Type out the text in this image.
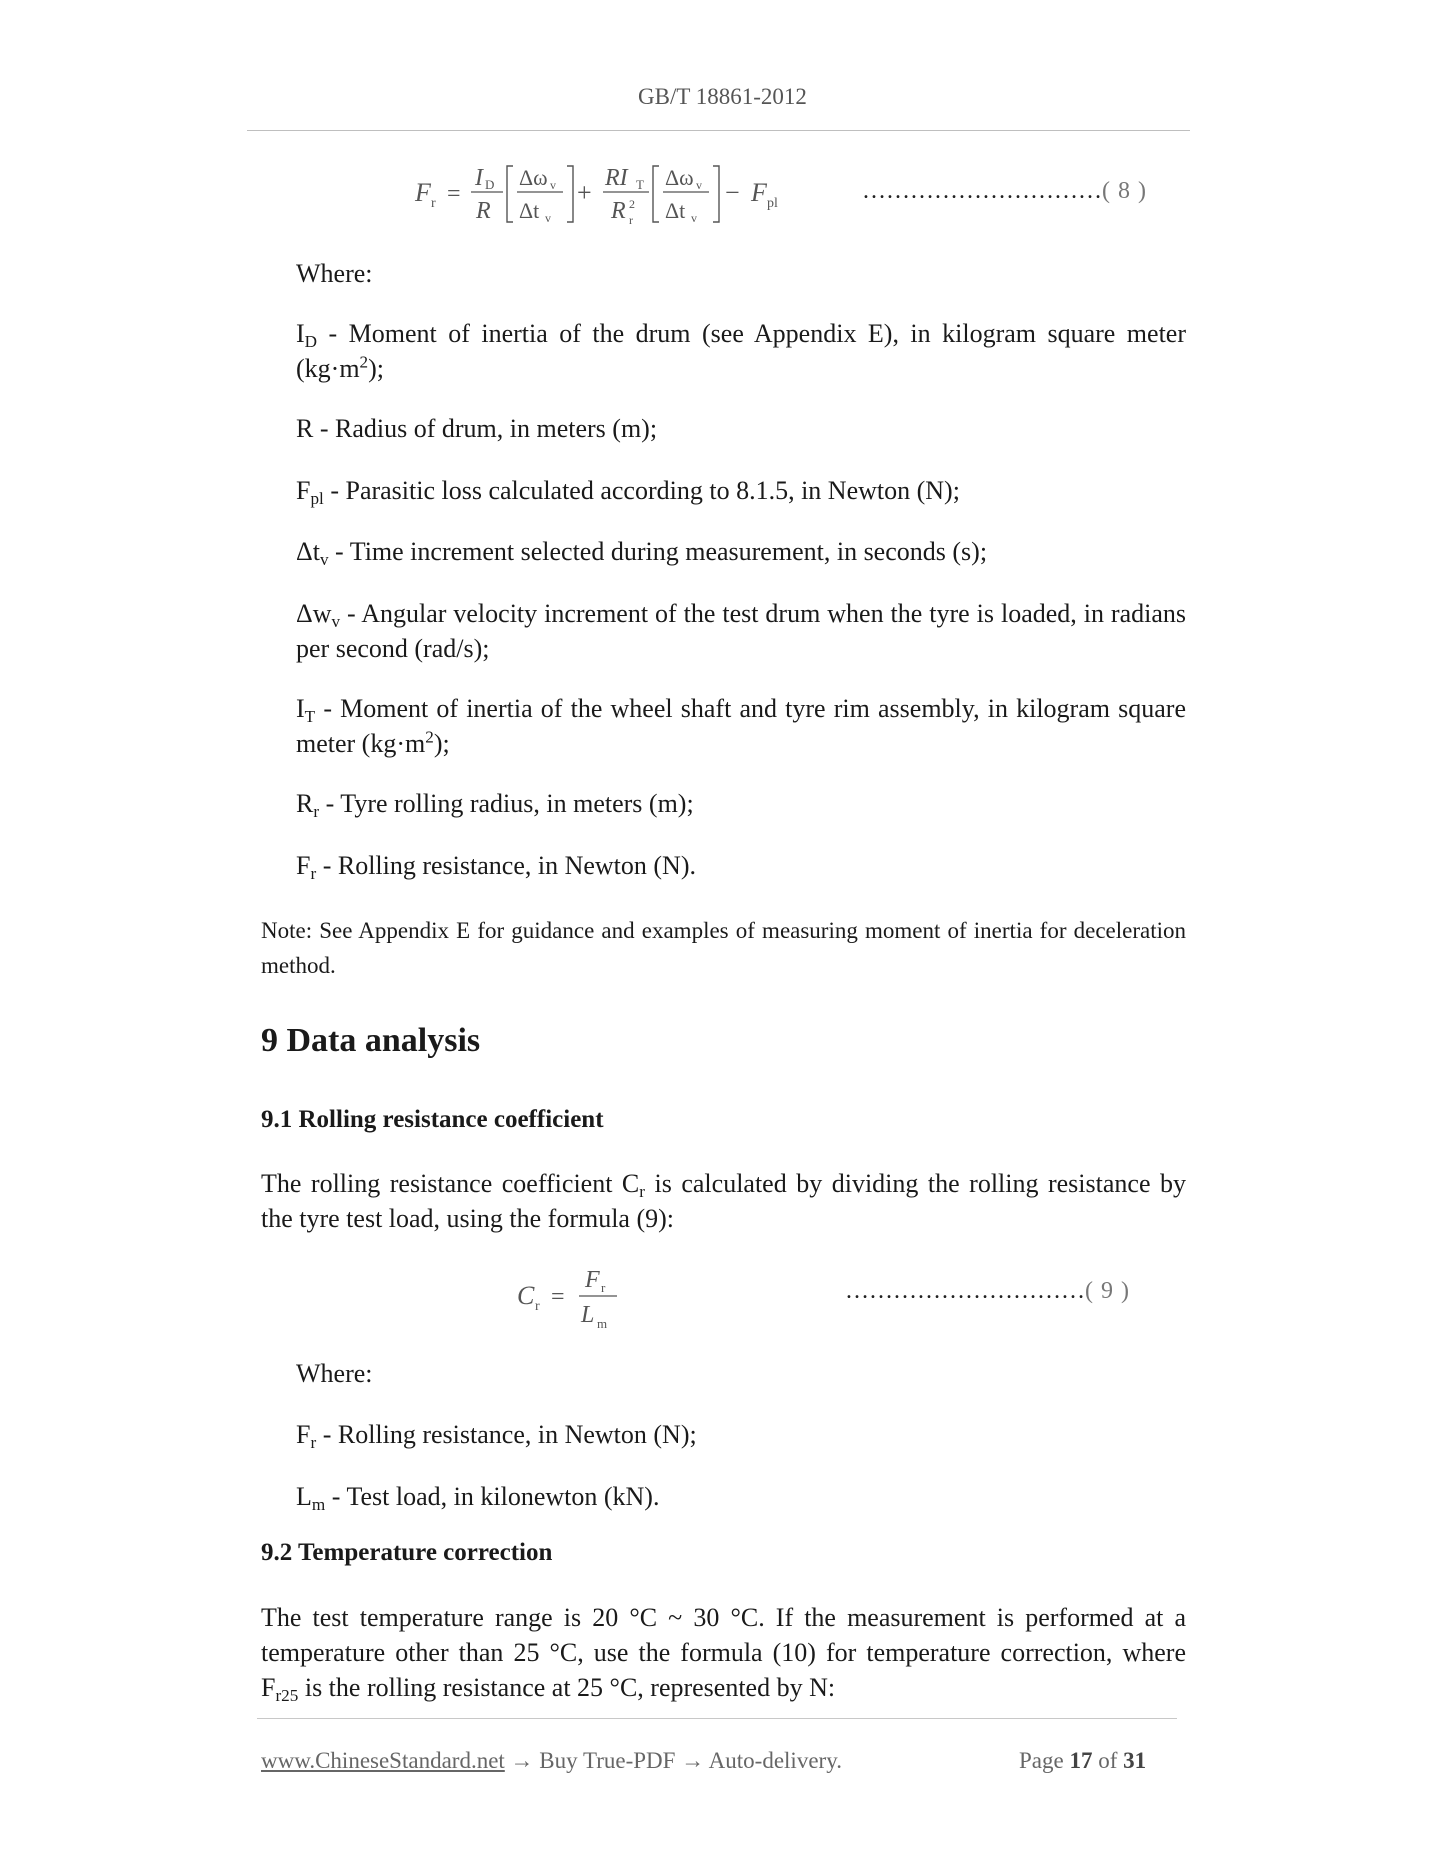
GB/T 18861-2012
F r =
I D
R
Δω v
Δt v
+ RI T
R 2
r
Δω v
Δt v
− F pl	…………………………( 8 )
Where:
$I_D$ - Moment of inertia of the drum (see Appendix E), in kilogram square meter $(kg\cdot m^2)$;
R - Radius of drum, in meters (m);
$F_{pl}$ - Parasitic loss calculated according to 8.1.5, in Newton (N);
$\Delta t_v$ - Time increment selected during measurement, in seconds (s);
$\Delta w_v$ - Angular velocity increment of the test drum when the tyre is loaded, in radians per second (rad/s);
$I_T$ - Moment of inertia of the wheel shaft and tyre rim assembly, in kilogram square meter $(kg\cdot m^2)$;
$R_r$ - Tyre rolling radius, in meters (m);
$F_r$ - Rolling resistance, in Newton (N).
Note: See Appendix E for guidance and examples of measuring moment of inertia for deceleration method.
9 Data analysis
9.1 Rolling resistance coefficient
The rolling resistance coefficient $C_r$ is calculated by dividing the rolling resistance by the tyre test load, using the formula (9):
C r =
F r
L m
…………………………( 9 )
Where:
$F_r$ - Rolling resistance, in Newton (N);
$L_m$ - Test load, in kilonewton (kN).
9.2 Temperature correction
The test temperature range is 20 °C ~ 30 °C. If the measurement is performed at a temperature other than 25 °C, use the formula (10) for temperature correction, where $F_{r25}$ is the rolling resistance at 25 °C, represented by N:
www.ChineseStandard.net → Buy True-PDF → Auto-delivery.	Page 17 of 31
